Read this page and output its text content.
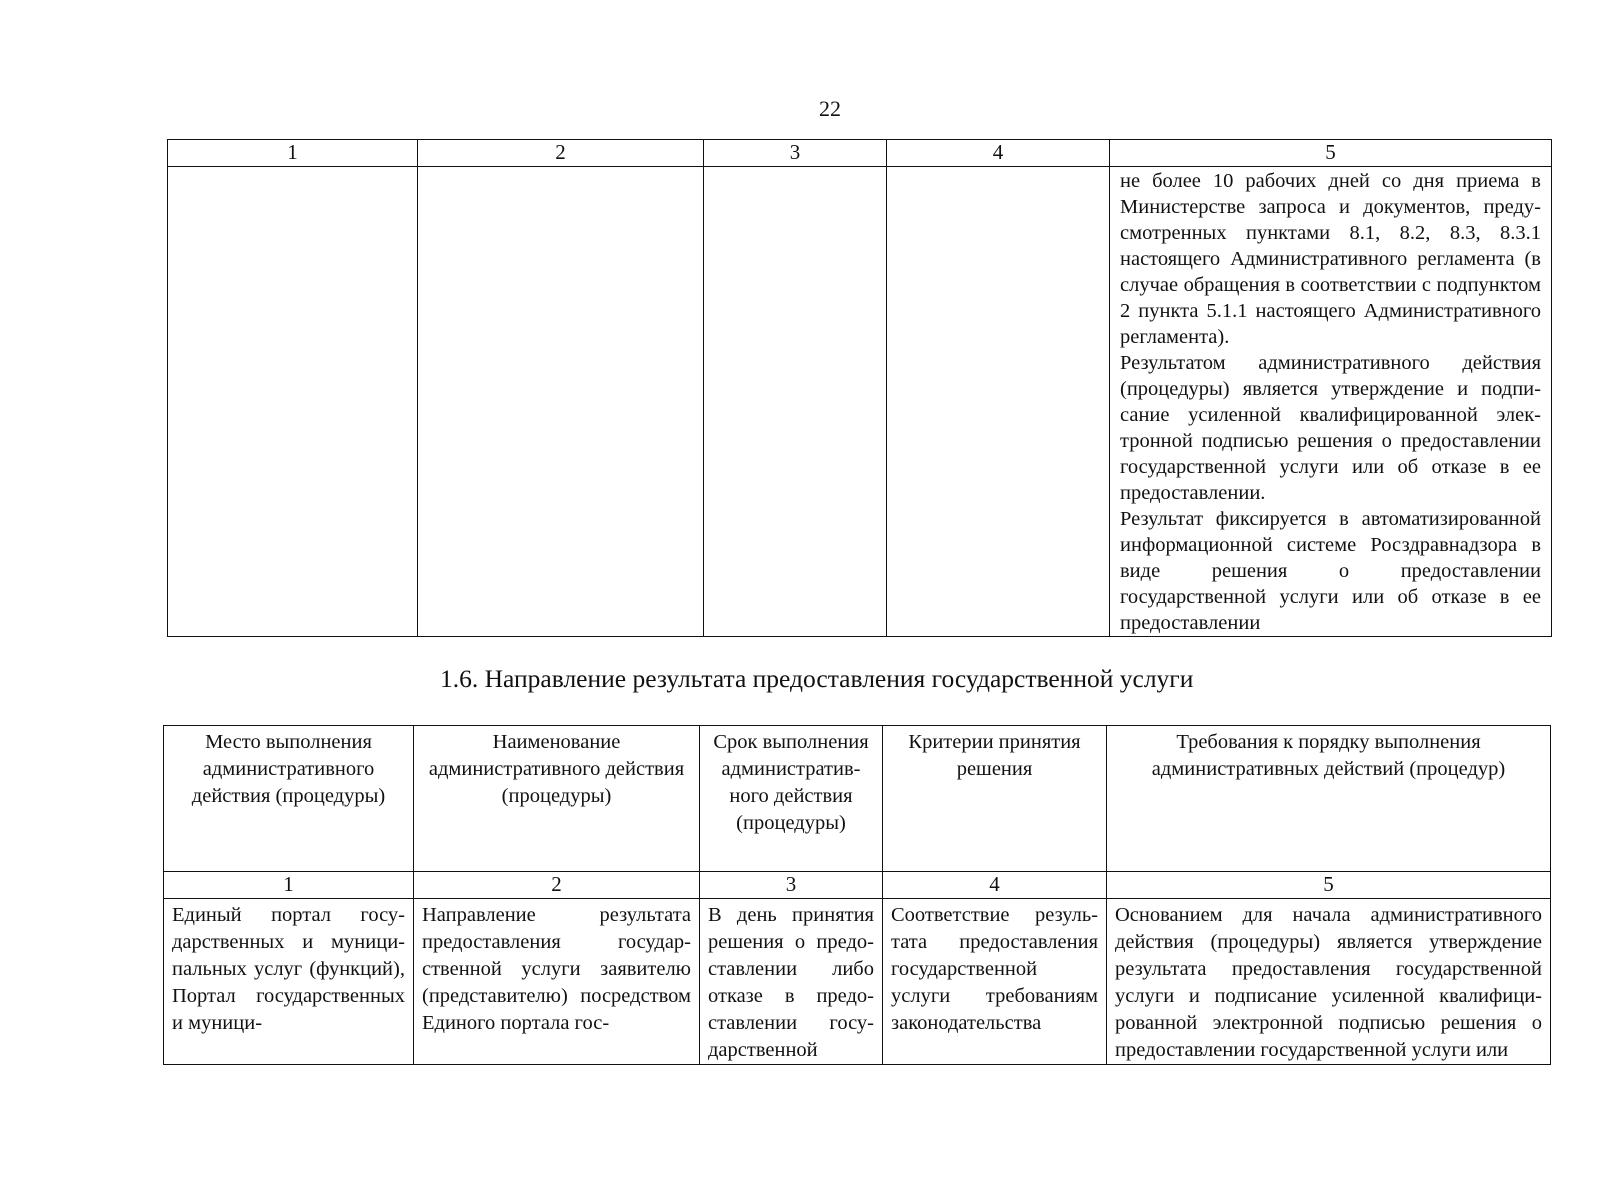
22
1	2	3	4	5

				не более 10 рабочих дней со дня приема в Министерстве запроса и документов, предусмотренных пунктами 8.1, 8.2, 8.3, 8.3.1 настоящего Административного регламента (в случае обращения в соответствии с подпунктом 2 пункта 5.1.1 настоящего Административного регламента).

Результатом административного действия (процедуры) является утверждение и подписание усиленной квалифицированной электронной подписью решения о предоставлении государственной услуги или об отказе в ее предоставлении.

Результат фиксируется в автоматизированной информационной системе Росздравнадзора в виде решения о предоставлении государственной услуги или об отказе в ее предоставлении

1.6. Направление результата предоставления государственной услуги
Место выполнения административного действия (процедуры)	Наименование административного действия (процедуры)	Срок выполнения административного действия (процедуры)	Критерии принятия решения	Требования к порядку выполнения административных действий (процедур)
1	2	3	4	5
Единый портал государственных и муниципальных услуг (функций), Портал государственных и муници-	Направление результата предоставления государственной услуги заявителю (представителю) посредством Единого портала гос-	В день принятия решения о предоставлении либо отказе в предоставлении государственной	Соответствие результата предоставления государственной услуги требованиям законодательства	Основанием для начала административного действия (процедуры) является утверждение результата предоставления государственной услуги и подписание усиленной квалифицированной электронной подписью решения о предоставлении государственной услуги или
